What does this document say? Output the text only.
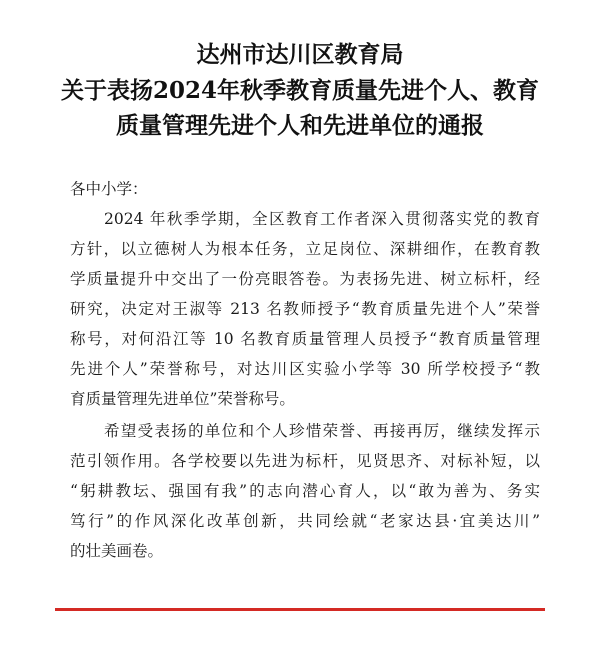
达州市达川区教育局
关于表扬2024年秋季教育质量先进个人、教育
质量管理先进个人和先进单位的通报
各中小学：
2024 年秋季学期，全区教育工作者深入贯彻落实党的教育
方针，以立德树人为根本任务，立足岗位、深耕细作，在教育教
学质量提升中交出了一份亮眼答卷。为表扬先进、树立标杆，经
研究，决定对王淑等 213 名教师授予“教育质量先进个人”荣誉
称号，对何沿江等 10 名教育质量管理人员授予“教育质量管理
先进个人”荣誉称号，对达川区实验小学等 30 所学校授予“教
育质量管理先进单位”荣誉称号。
希望受表扬的单位和个人珍惜荣誉、再接再厉，继续发挥示
范引领作用。各学校要以先进为标杆，见贤思齐、对标补短，以
“躬耕教坛、强国有我”的志向潜心育人，以“敢为善为、务实
笃行”的作风深化改革创新，共同绘就“老家达县·宜美达川”
的壮美画卷。
